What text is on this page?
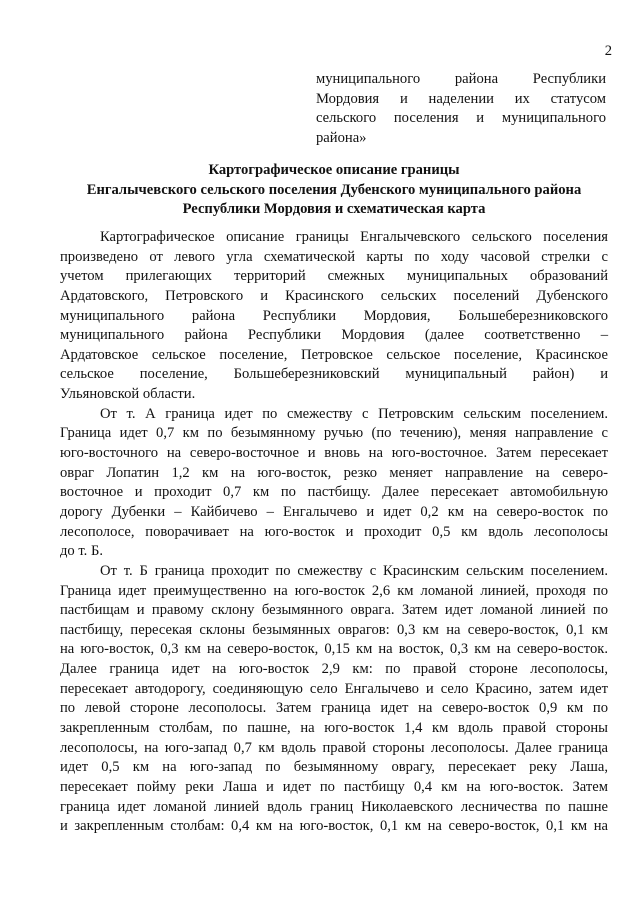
2
муниципального района Республики
Мордовия и наделении их статусом
сельского поселения и муниципального
района»
Картографическое описание границы
Енгалычевского сельского поселения Дубенского муниципального района
Республики Мордовия и схематическая карта
Картографическое описание границы Енгалычевского сельского поселения
произведено от левого угла схематической карты по ходу часовой стрелки с
учетом прилегающих территорий смежных муниципальных образований
Ардатовского, Петровского и Красинского сельских поселений Дубенского
муниципального района Республики Мордовия, Большеберезниковского
муниципального района Республики Мордовия (далее соответственно –
Ардатовское сельское поселение, Петровское сельское поселение, Красинское
сельское поселение, Большеберезниковский муниципальный район) и
Ульяновской области.
От т. А граница идет по смежеству с Петровским сельским поселением.
Граница идет 0,7 км по безымянному ручью (по течению), меняя направление с
юго-восточного на северо-восточное и вновь на юго-восточное. Затем пересекает
овраг Лопатин 1,2 км на юго-восток, резко меняет направление на северо-
восточное и проходит 0,7 км по пастбищу. Далее пересекает автомобильную
дорогу Дубенки – Кайбичево – Енгалычево и идет 0,2 км на северо-восток по
лесополосе, поворачивает на юго-восток и проходит 0,5 км вдоль лесополосы
до т. Б.
От т. Б граница проходит по смежеству с Красинским сельским поселением.
Граница идет преимущественно на юго-восток 2,6 км ломаной линией, проходя по
пастбищам и правому склону безымянного оврага. Затем идет ломаной линией по
пастбищу, пересекая склоны безымянных оврагов: 0,3 км на северо-восток, 0,1 км
на юго-восток, 0,3 км на северо-восток, 0,15 км на восток, 0,3 км на северо-восток.
Далее граница идет на юго-восток 2,9 км: по правой стороне лесополосы,
пересекает автодорогу, соединяющую село Енгалычево и село Красино, затем идет
по левой стороне лесополосы. Затем граница идет на северо-восток 0,9 км по
закрепленным столбам, по пашне, на юго-восток 1,4 км вдоль правой стороны
лесополосы, на юго-запад 0,7 км вдоль правой стороны лесополосы. Далее граница
идет 0,5 км на юго-запад по безымянному оврагу, пересекает реку Лаша,
пересекает пойму реки Лаша и идет по пастбищу 0,4 км на юго-восток. Затем
граница идет ломаной линией вдоль границ Николаевского лесничества по пашне
и закрепленным столбам: 0,4 км на юго-восток, 0,1 км на северо-восток, 0,1 км на
